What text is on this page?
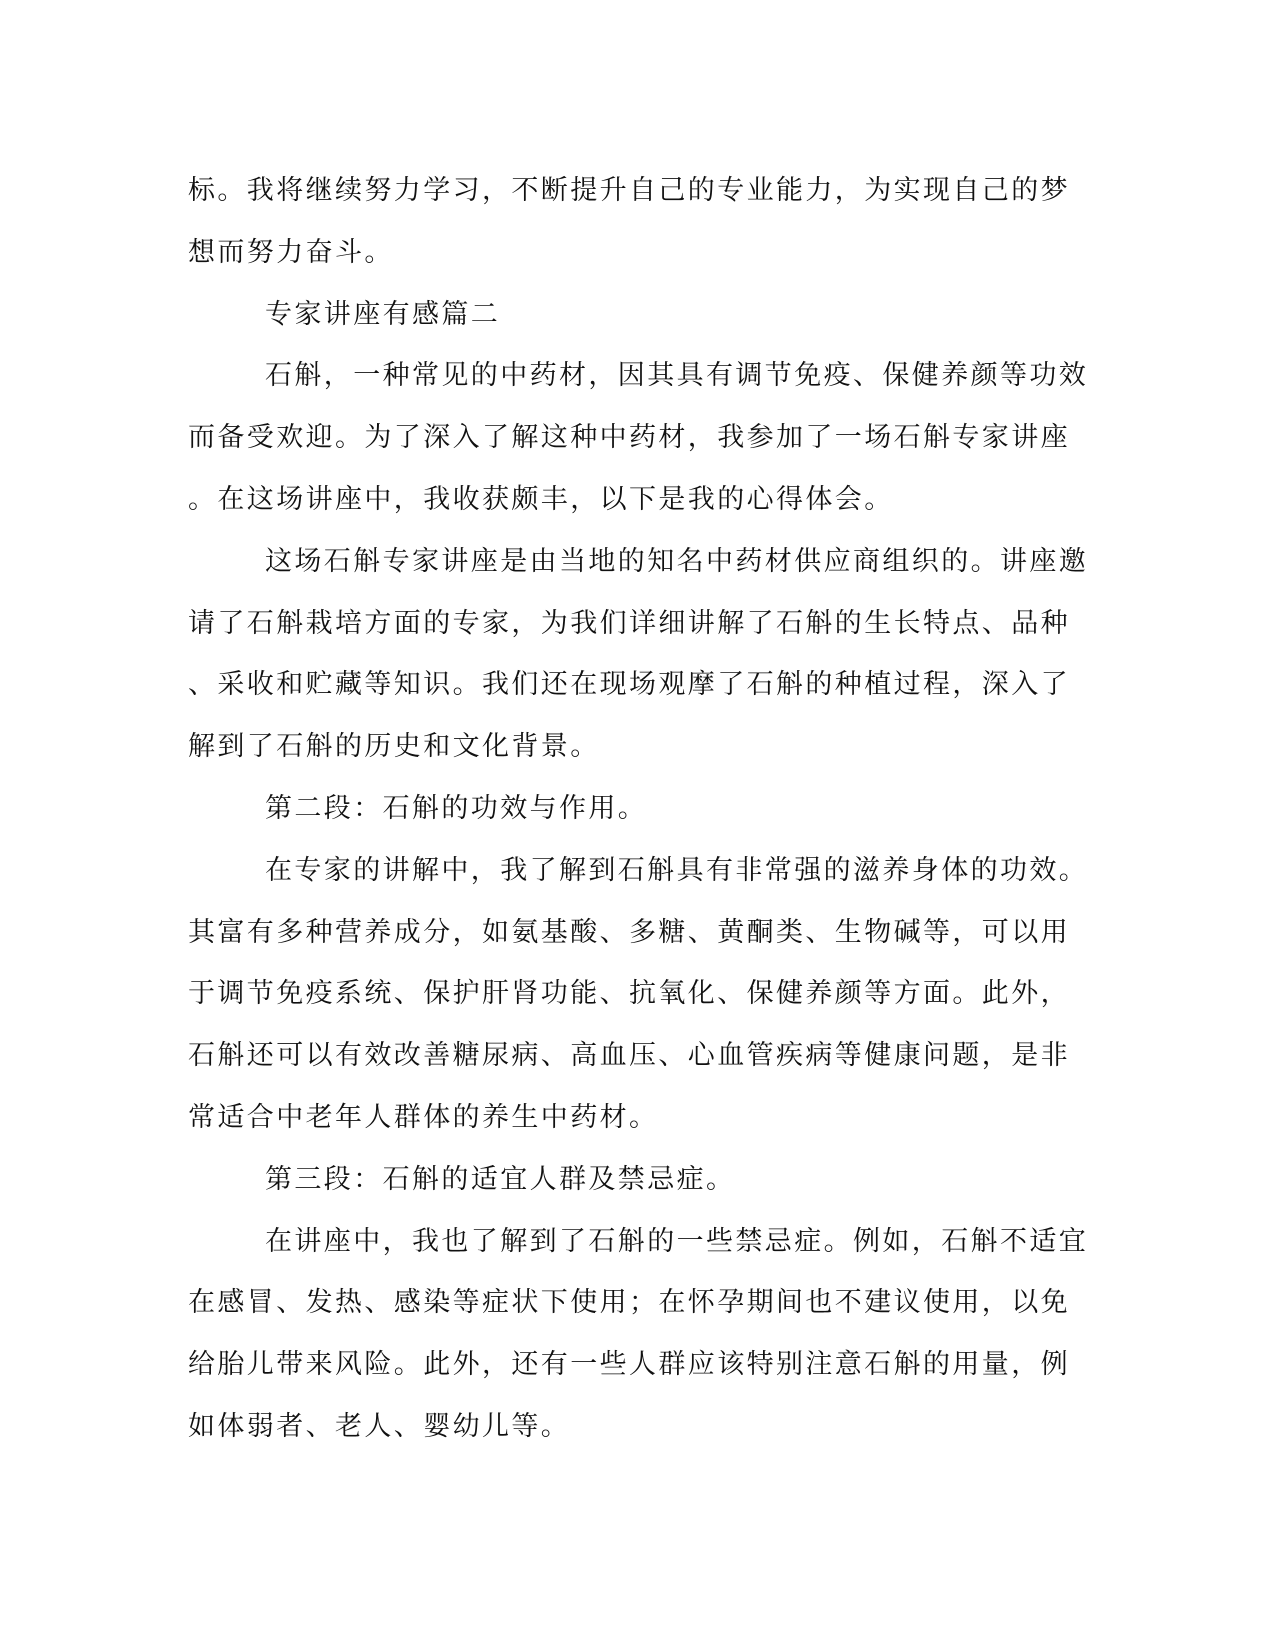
标。我将继续努力学习，不断提升自己的专业能力，为实现自己的梦
想而努力奋斗。
专家讲座有感篇二
石斛，一种常见的中药材，因其具有调节免疫、保健养颜等功效
而备受欢迎。为了深入了解这种中药材，我参加了一场石斛专家讲座
。在这场讲座中，我收获颇丰，以下是我的心得体会。
这场石斛专家讲座是由当地的知名中药材供应商组织的。讲座邀
请了石斛栽培方面的专家，为我们详细讲解了石斛的生长特点、品种
、采收和贮藏等知识。我们还在现场观摩了石斛的种植过程，深入了
解到了石斛的历史和文化背景。
第二段：石斛的功效与作用。
在专家的讲解中，我了解到石斛具有非常强的滋养身体的功效。
其富有多种营养成分，如氨基酸、多糖、黄酮类、生物碱等，可以用
于调节免疫系统、保护肝肾功能、抗氧化、保健养颜等方面。此外，
石斛还可以有效改善糖尿病、高血压、心血管疾病等健康问题，是非
常适合中老年人群体的养生中药材。
第三段：石斛的适宜人群及禁忌症。
在讲座中，我也了解到了石斛的一些禁忌症。例如，石斛不适宜
在感冒、发热、感染等症状下使用；在怀孕期间也不建议使用，以免
给胎儿带来风险。此外，还有一些人群应该特别注意石斛的用量，例
如体弱者、老人、婴幼儿等。
